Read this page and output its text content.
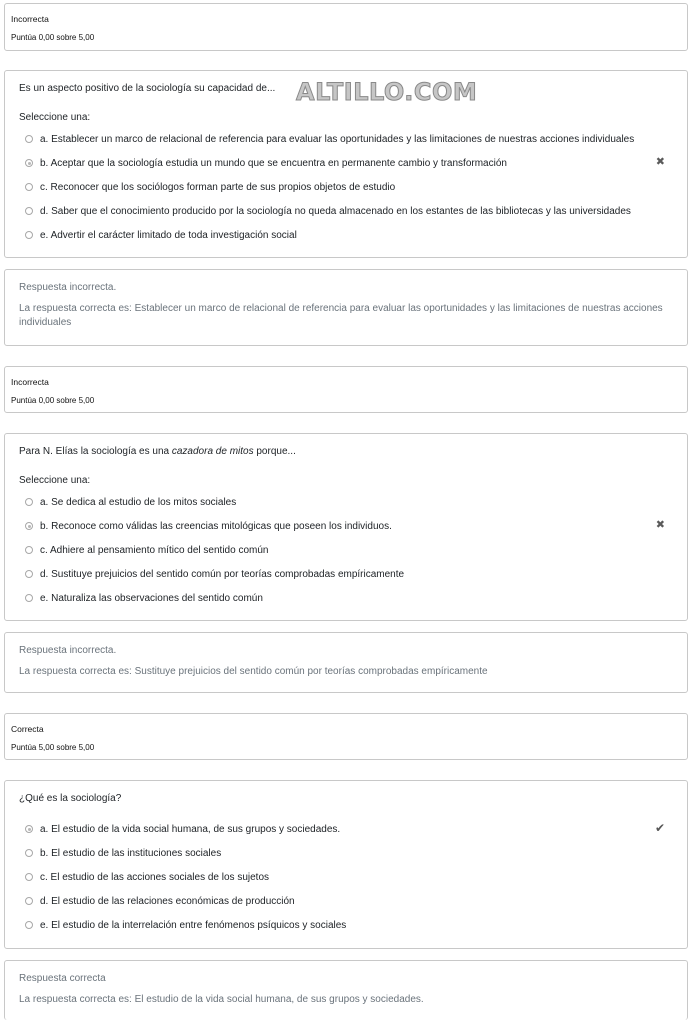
Incorrecta
Puntúa 0,00 sobre 5,00
Es un aspecto positivo de la sociología su capacidad de...
Seleccione una:
a. Establecer un marco de relacional de referencia para evaluar las oportunidades y las limitaciones de nuestras acciones individuales
b. Aceptar que la sociología estudia un mundo que se encuentra en permanente cambio y transformación	✖
c. Reconocer que los sociólogos forman parte de sus propios objetos de estudio
d. Saber que el conocimiento producido por la sociología no queda almacenado en los estantes de las bibliotecas y las universidades
e. Advertir el carácter limitado de toda investigación social
ALTILLO.COM
Respuesta incorrecta.
La respuesta correcta es: Establecer un marco de relacional de referencia para evaluar las oportunidades y las limitaciones de nuestras acciones individuales
Incorrecta
Puntúa 0,00 sobre 5,00
Para N. Elías la sociología es una cazadora de mitos porque...
Seleccione una:
a. Se dedica al estudio de los mitos sociales
b. Reconoce como válidas las creencias mitológicas que poseen los individuos.	✖
c. Adhiere al pensamiento mítico del sentido común
d. Sustituye prejuicios del sentido común por teorías comprobadas empíricamente
e. Naturaliza las observaciones del sentido común
Respuesta incorrecta.
La respuesta correcta es: Sustituye prejuicios del sentido común por teorías comprobadas empíricamente
Correcta
Puntúa 5,00 sobre 5,00
¿Qué es la sociología?
a. El estudio de la vida social humana, de sus grupos y sociedades.	✔
b. El estudio de las instituciones sociales
c. El estudio de las acciones sociales de los sujetos
d. El estudio de las relaciones económicas de producción
e. El estudio de la interrelación entre fenómenos psíquicos y sociales
Respuesta correcta
La respuesta correcta es: El estudio de la vida social humana, de sus grupos y sociedades.
